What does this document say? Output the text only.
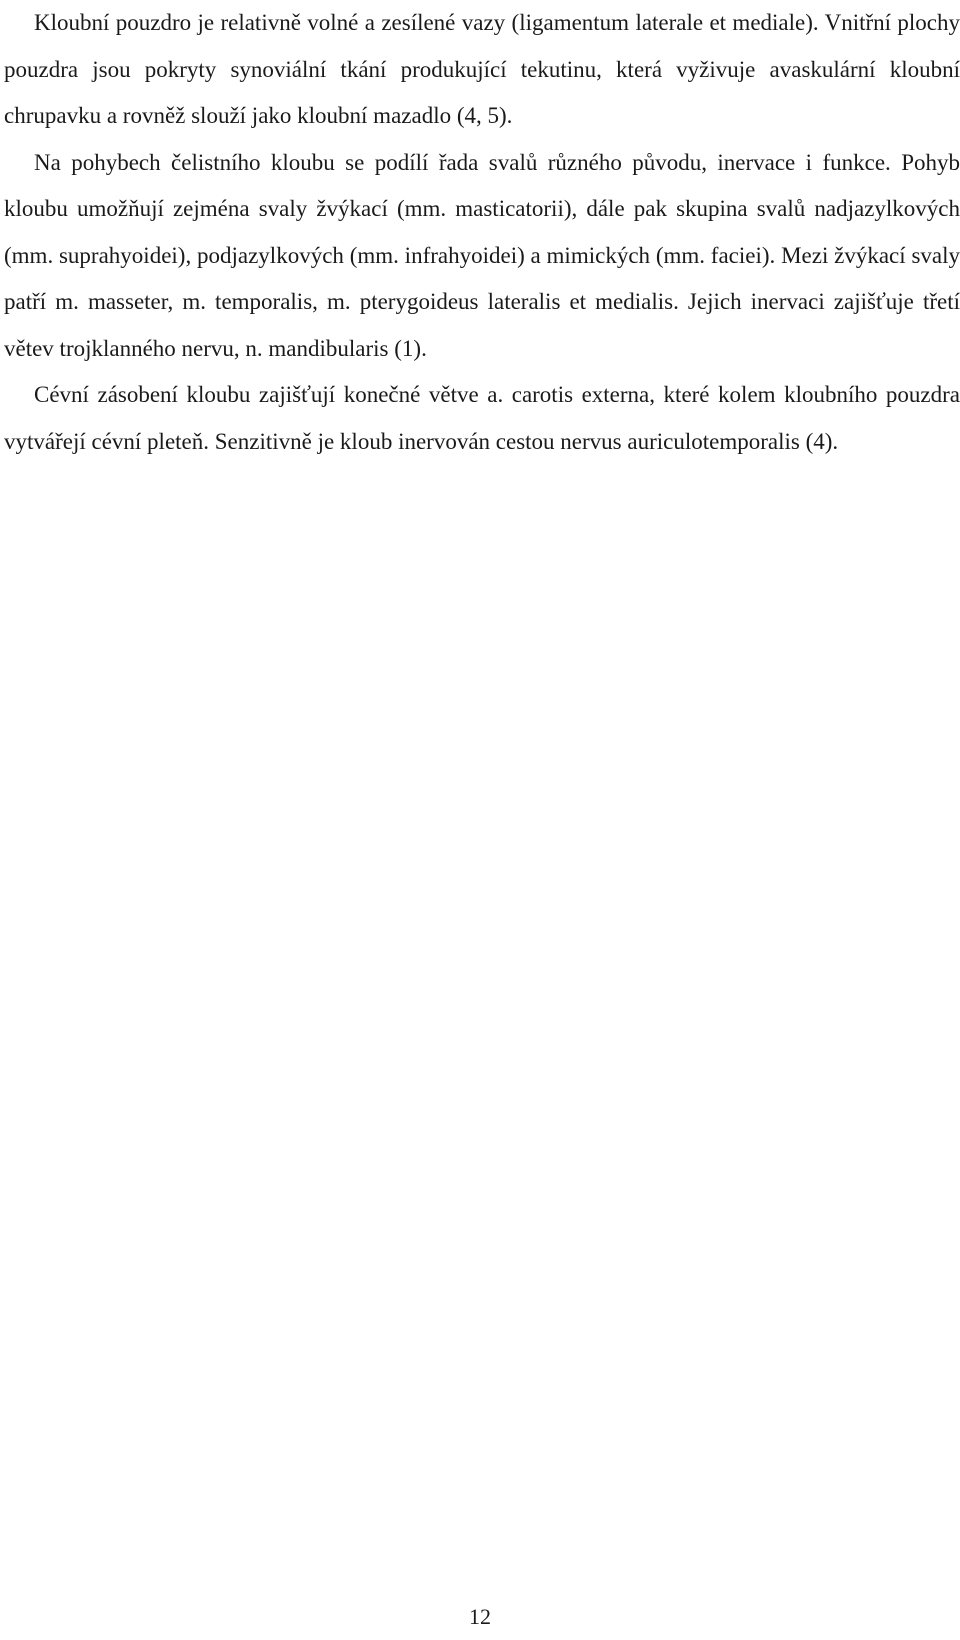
Kloubní pouzdro je relativně volné a zesílené vazy (ligamentum laterale et mediale). Vnitřní plochy pouzdra jsou pokryty synoviální tkání produkující tekutinu, která vyživuje avaskulární kloubní chrupavku a rovněž slouží jako kloubní mazadlo (4, 5).

Na pohybech čelistního kloubu se podílí řada svalů různého původu, inervace i funkce. Pohyb kloubu umožňují zejména svaly žvýkací (mm. masticatorii), dále pak skupina svalů nadjazylkových (mm. suprahyoidei), podjazylkových (mm. infrahyoidei) a mimických (mm. faciei). Mezi žvýkací svaly patří m. masseter, m. temporalis, m. pterygoideus lateralis et medialis. Jejich inervaci zajišťuje třetí větev trojklanného nervu, n. mandibularis (1).

Cévní zásobení kloubu zajišťují konečné větve a. carotis externa, které kolem kloubního pouzdra vytvářejí cévní pleteň. Senzitivně je kloub inervován cestou nervus auriculotemporalis (4).

12
